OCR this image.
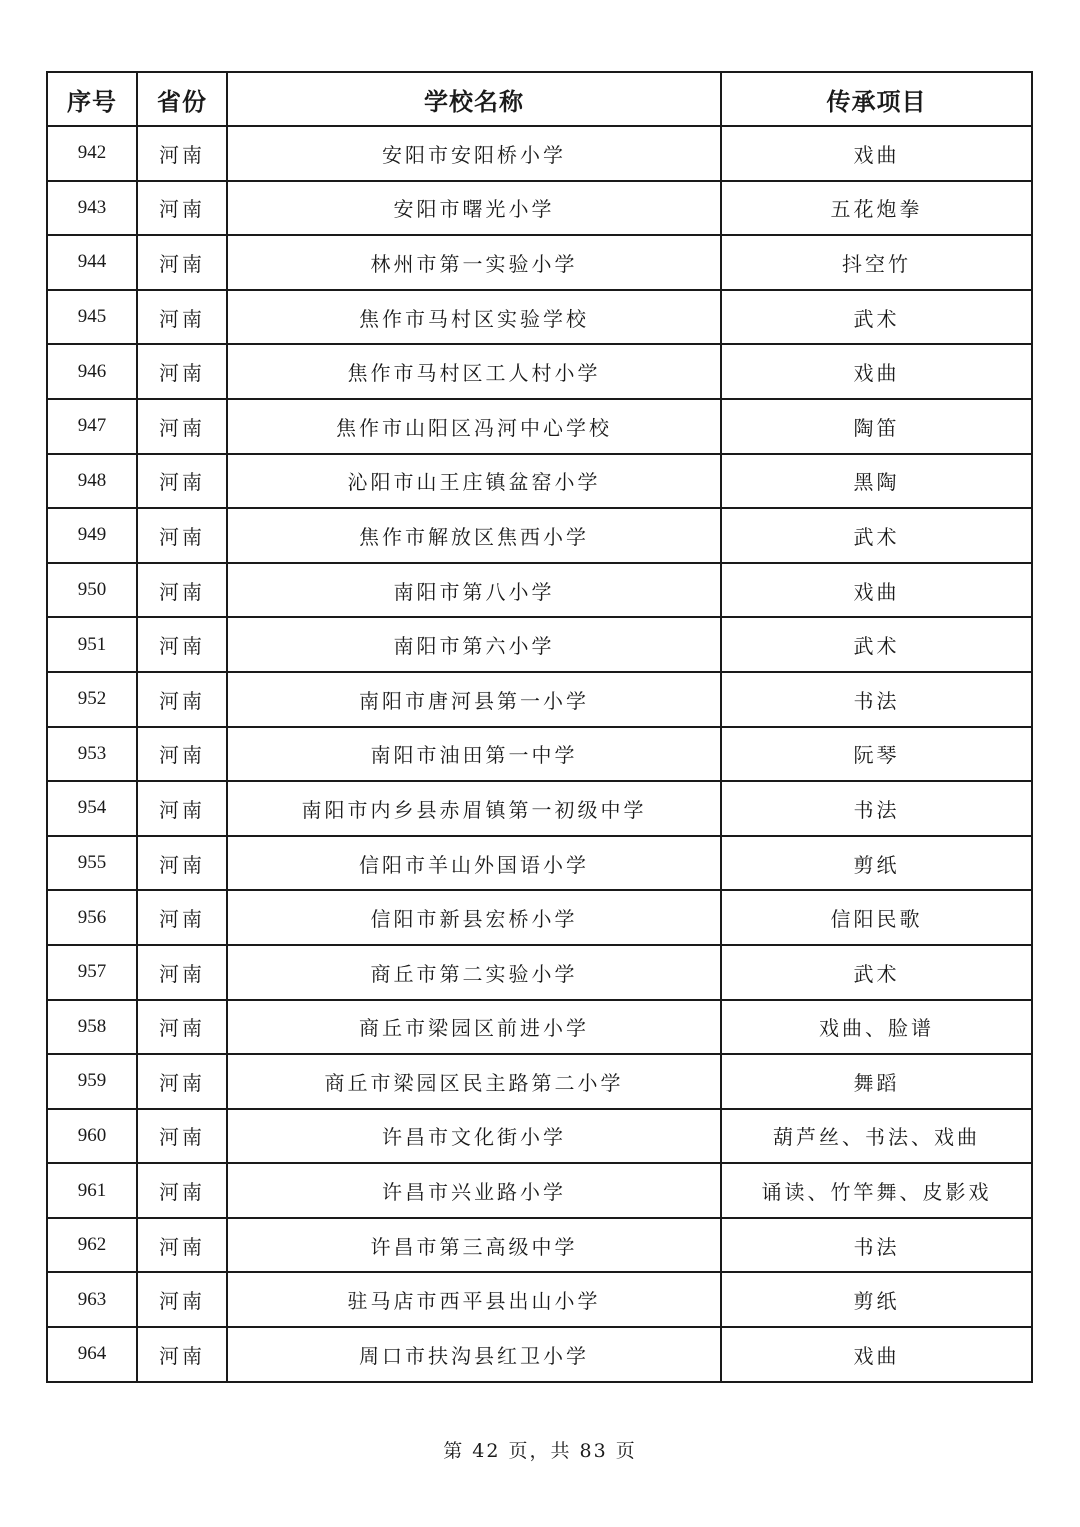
序号	省份	学校名称	传承项目
942	河南	安阳市安阳桥小学	戏曲
943	河南	安阳市曙光小学	五花炮拳
944	河南	林州市第一实验小学	抖空竹
945	河南	焦作市马村区实验学校	武术
946	河南	焦作市马村区工人村小学	戏曲
947	河南	焦作市山阳区冯河中心学校	陶笛
948	河南	沁阳市山王庄镇盆窑小学	黑陶
949	河南	焦作市解放区焦西小学	武术
950	河南	南阳市第八小学	戏曲
951	河南	南阳市第六小学	武术
952	河南	南阳市唐河县第一小学	书法
953	河南	南阳市油田第一中学	阮琴
954	河南	南阳市内乡县赤眉镇第一初级中学	书法
955	河南	信阳市羊山外国语小学	剪纸
956	河南	信阳市新县宏桥小学	信阳民歌
957	河南	商丘市第二实验小学	武术
958	河南	商丘市梁园区前进小学	戏曲、脸谱
959	河南	商丘市梁园区民主路第二小学	舞蹈
960	河南	许昌市文化街小学	葫芦丝、书法、戏曲
961	河南	许昌市兴业路小学	诵读、竹竿舞、皮影戏
962	河南	许昌市第三高级中学	书法
963	河南	驻马店市西平县出山小学	剪纸
964	河南	周口市扶沟县红卫小学	戏曲
第 42 页，共 83 页
